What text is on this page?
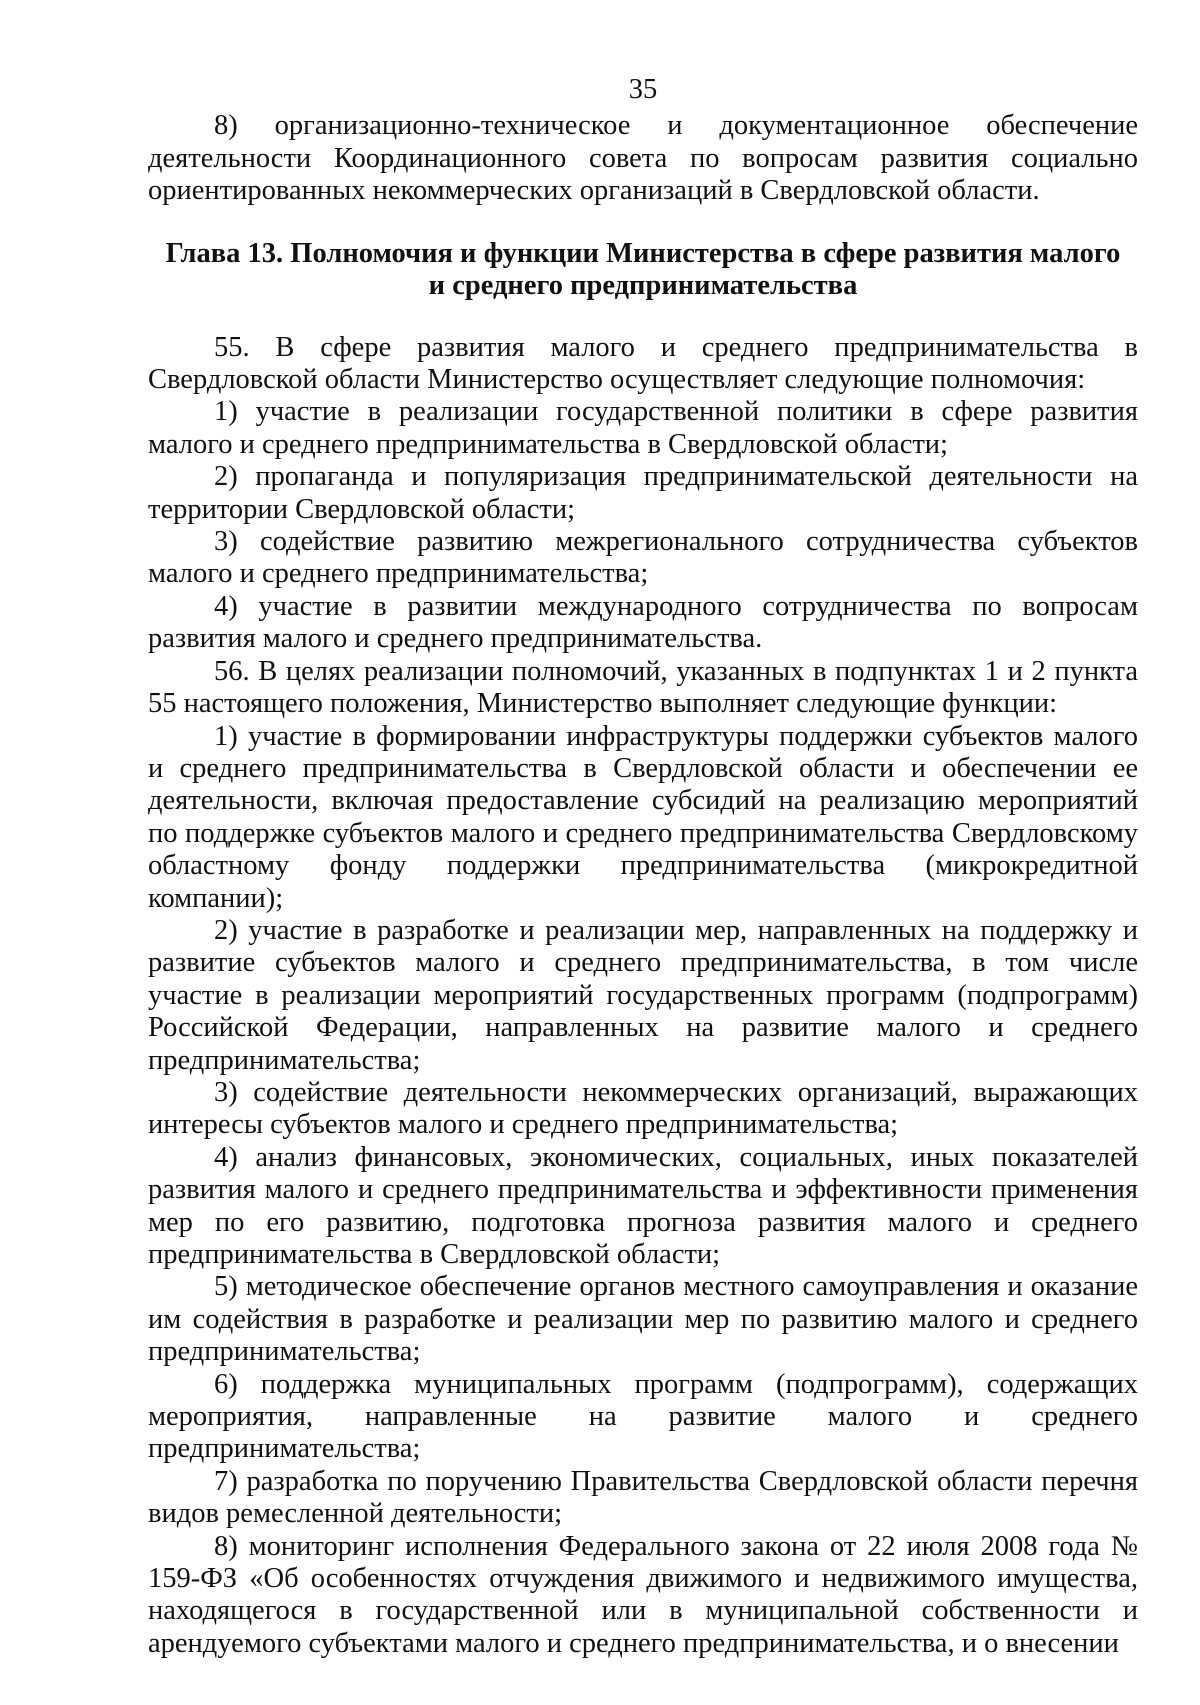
35

8) организационно-техническое и документационное обеспечение деятельности Координационного совета по вопросам развития социально ориентированных некоммерческих организаций в Свердловской области.

Глава 13. Полномочия и функции Министерства в сфере развития малого
и среднего предпринимательства

55. В сфере развития малого и среднего предпринимательства в Свердловской области Министерство осуществляет следующие полномочия:

1) участие в реализации государственной политики в сфере развития малого и среднего предпринимательства в Свердловской области;

2) пропаганда и популяризация предпринимательской деятельности на территории Свердловской области;

3) содействие развитию межрегионального сотрудничества субъектов малого и среднего предпринимательства;

4) участие в развитии международного сотрудничества по вопросам развития малого и среднего предпринимательства.

56. В целях реализации полномочий, указанных в подпунктах 1 и 2 пункта 55 настоящего положения, Министерство выполняет следующие функции:

1) участие в формировании инфраструктуры поддержки субъектов малого и среднего предпринимательства в Свердловской области и обеспечении ее деятельности, включая предоставление субсидий на реализацию мероприятий по поддержке субъектов малого и среднего предпринимательства Свердловскому областному фонду поддержки предпринимательства (микрокредитной компании);

2) участие в разработке и реализации мер, направленных на поддержку и развитие субъектов малого и среднего предпринимательства, в том числе участие в реализации мероприятий государственных программ (подпрограмм) Российской Федерации, направленных на развитие малого и среднего предпринимательства;

3) содействие деятельности некоммерческих организаций, выражающих интересы субъектов малого и среднего предпринимательства;

4) анализ финансовых, экономических, социальных, иных показателей развития малого и среднего предпринимательства и эффективности применения мер по его развитию, подготовка прогноза развития малого и среднего предпринимательства в Свердловской области;

5) методическое обеспечение органов местного самоуправления и оказание им содействия в разработке и реализации мер по развитию малого и среднего предпринимательства;

6) поддержка муниципальных программ (подпрограмм), содержащих мероприятия, направленные на развитие малого и среднего предпринимательства;

7) разработка по поручению Правительства Свердловской области перечня видов ремесленной деятельности;

8) мониторинг исполнения Федерального закона от 22 июля 2008 года № 159-ФЗ «Об особенностях отчуждения движимого и недвижимого имущества, находящегося в государственной или в муниципальной собственности и арендуемого субъектами малого и среднего предпринимательства, и о внесении
